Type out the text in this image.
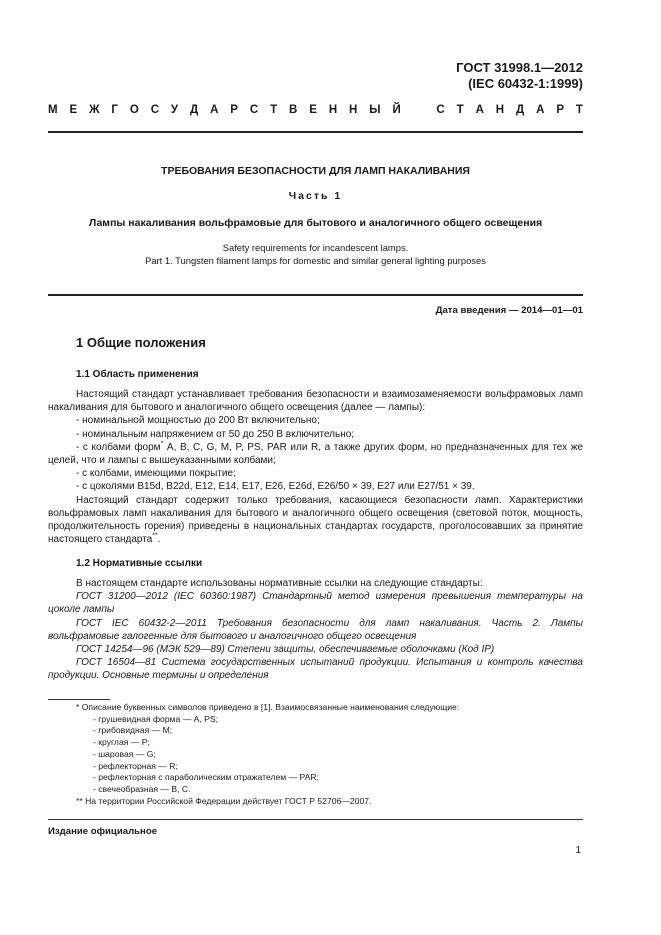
ГОСТ 31998.1—2012
(IEC 60432-1:1999)
М Е Ж Г О С У Д А Р С Т В Е Н Н Ы Й	С Т А Н Д А Р Т
ТРЕБОВАНИЯ БЕЗОПАСНОСТИ ДЛЯ ЛАМП НАКАЛИВАНИЯ
Часть 1
Лампы накаливания вольфрамовые для бытового и аналогичного общего освещения
Safety requirements for incandescent lamps.
Part 1. Tungsten filament lamps for domestic and similar general lighting purposes
Дата введения — 2014—01—01
1 Общие положения
1.1 Область применения

Настоящий стандарт устанавливает требования безопасности и взаимозаменяемости вольфрамовых ламп накаливания для бытового и аналогичного общего освещения (далее — лампы):

- номинальной мощностью до 200 Вт включительно;

- номинальным напряжением от 50 до 250 В включительно;

- с колбами форм* A, B, C, G, M, P, PS, PAR или R, а также других форм, но предназначенных для тех же целей, что и лампы с вышеуказанными колбами;

- с колбами, имеющими покрытие;

- с цоколями B15d, B22d, E12, E14, E17, E26, E26d, E26/50 × 39, E27 или E27/51 × 39.

Настоящий стандарт содержит только требования, касающиеся безопасности ламп. Характеристики вольфрамовых ламп накаливания для бытового и аналогичного общего освещения (световой поток, мощность, продолжительность горения) приведены в национальных стандартах государств, проголосовавших за принятие настоящего стандарта**.

1.2 Нормативные ссылки

В настоящем стандарте использованы нормативные ссылки на следующие стандарты:

ГОСТ 31200—2012 (IEC 60360:1987) Стандартный метод измерения превышения температуры на цоколе лампы

ГОСТ IEC 60432-2—2011 Требования безопасности для ламп накаливания. Часть 2. Лампы вольфрамовые галогенные для бытового и аналогичного общего освещения

ГОСТ 14254—96 (МЭК 529—89) Степени защиты, обеспечиваемые оболочками (Код IP)

ГОСТ 16504—81 Система государственных испытаний продукции. Испытания и контроль качества продукции. Основные термины и определения

* Описание буквенных символов приведено в [1]. Взаимосвязанные наименования следующие:
- грушевидная форма — A, PS;
- грибовидная — M;
- круглая — P;
- шаровая — G;
- рефлекторная — R;
- рефлекторная с параболическим отражателем — PAR;
- свечеобразная — B, C.
** На территории Российской Федерации действует ГОСТ Р 52706—2007.
Издание официальное
1
